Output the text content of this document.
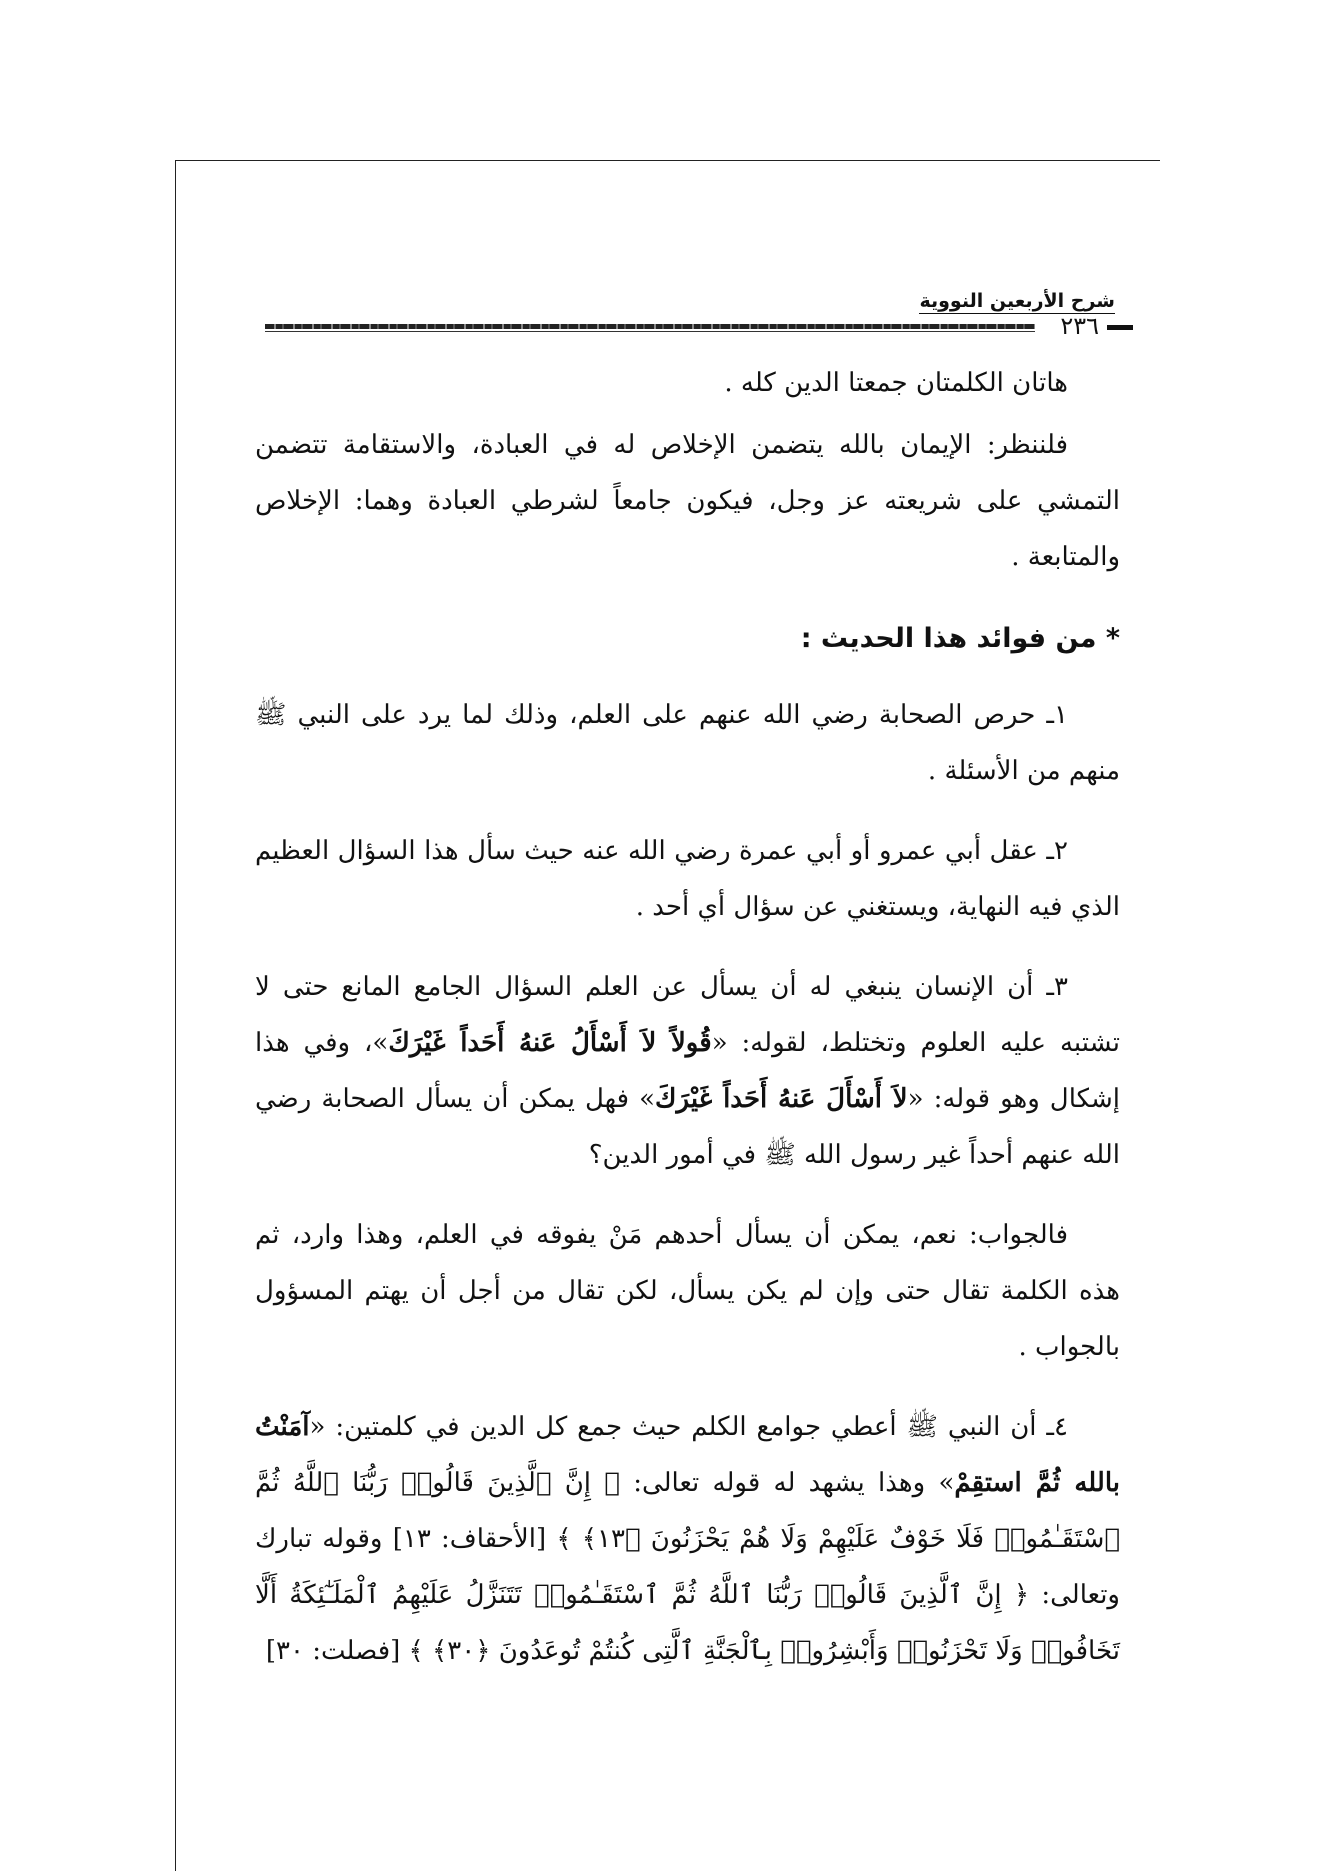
شرح الأربعين النووية
٢٣٦

هاتان الكلمتان جمعتا الدين كله .

فلننظر: الإيمان بالله يتضمن الإخلاص له في العبادة، والاستقامة تتضمن التمشي على شريعته عز وجل، فيكون جامعاً لشرطي العبادة وهما: الإخلاص والمتابعة .

* من فوائد هذا الحديث :

١ـ حرص الصحابة رضي الله عنهم على العلم، وذلك لما يرد على النبي ﷺ منهم من الأسئلة .

٢ـ عقل أبي عمرو أو أبي عمرة رضي الله عنه حيث سأل هذا السؤال العظيم الذي فيه النهاية، ويستغني عن سؤال أي أحد .

٣ـ أن الإنسان ينبغي له أن يسأل عن العلم السؤال الجامع المانع حتى لا تشتبه عليه العلوم وتختلط، لقوله: «قُولاً لاَ أَسْأَلُ عَنهُ أَحَداً غَيْرَكَ»، وفي هذا إشكال وهو قوله: «لاَ أَسْأَلَ عَنهُ أَحَداً غَيْرَكَ» فهل يمكن أن يسأل الصحابة رضي الله عنهم أحداً غير رسول الله ﷺ في أمور الدين؟

فالجواب: نعم، يمكن أن يسأل أحدهم مَنْ يفوقه في العلم، وهذا وارد، ثم هذه الكلمة تقال حتى وإن لم يكن يسأل، لكن تقال من أجل أن يهتم المسؤول بالجواب .

٤ـ أن النبي ﷺ أعطي جوامع الكلم حيث جمع كل الدين في كلمتين: «آمَنْتُ بالله ثُمَّ استقِمْ» وهذا يشهد له قوله تعالى: ﴿ إِنَّ ٱلَّذِينَ قَالُوا۟ رَبُّنَا ٱللَّهُ ثُمَّ ٱسْتَقَـٰمُوا۟ فَلَا خَوْفٌ عَلَيْهِمْ وَلَا هُمْ يَحْزَنُونَ ﴿١٣﴾ ﴾ [الأحقاف: ١٣] وقوله تبارك وتعالى: ﴿ إِنَّ ٱلَّذِينَ قَالُوا۟ رَبُّنَا ٱللَّهُ ثُمَّ ٱسْتَقَـٰمُوا۟ تَتَنَزَّلُ عَلَيْهِمُ ٱلْمَلَـٰٓئِكَةُ أَلَّا تَخَافُوا۟ وَلَا تَحْزَنُوا۟ وَأَبْشِرُوا۟ بِٱلْجَنَّةِ ٱلَّتِى كُنتُمْ تُوعَدُونَ ﴿٣٠﴾ ﴾ [فصلت: ٣٠]
